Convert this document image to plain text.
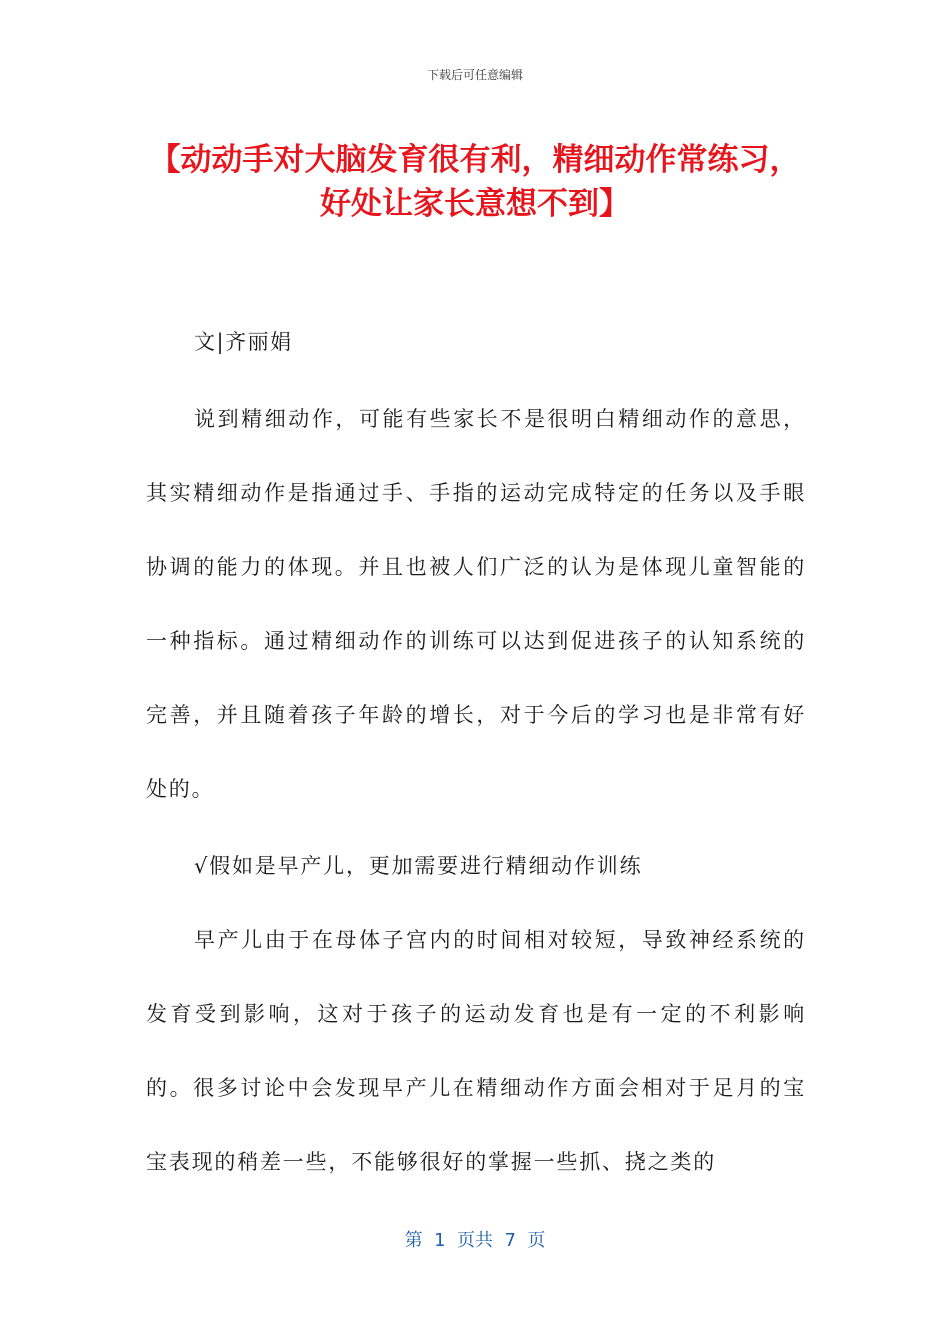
下载后可任意编辑
【动动手对大脑发育很有利，精细动作常练习，好处让家长意想不到】
文|齐丽娟

说到精细动作，可能有些家长不是很明白精细动作的意思，其实精细动作是指通过手、手指的运动完成特定的任务以及手眼协调的能力的体现。并且也被人们广泛的认为是体现儿童智能的一种指标。通过精细动作的训练可以达到促进孩子的认知系统的完善，并且随着孩子年龄的增长，对于今后的学习也是非常有好处的。

√假如是早产儿，更加需要进行精细动作训练

早产儿由于在母体子宫内的时间相对较短，导致神经系统的发育受到影响，这对于孩子的运动发育也是有一定的不利影响的。很多讨论中会发现早产儿在精细动作方面会相对于足月的宝宝表现的稍差一些，不能够很好的掌握一些抓、挠之类的

第  1  页共  7  页
